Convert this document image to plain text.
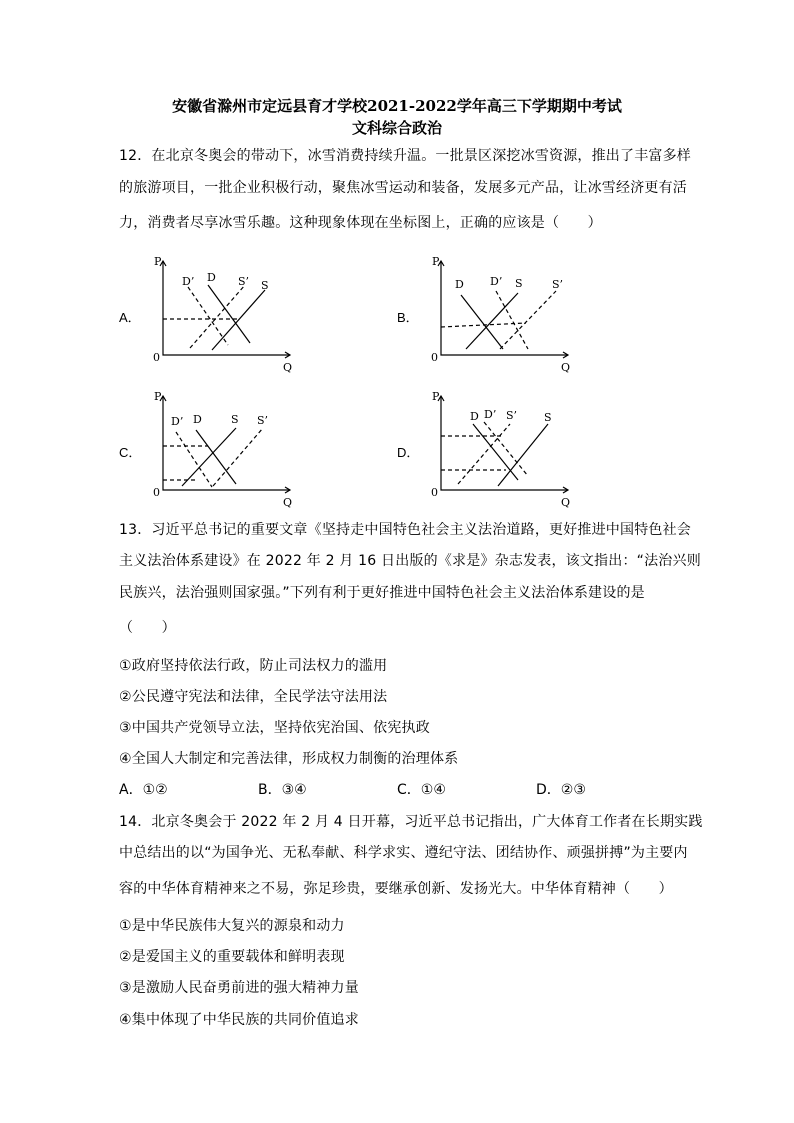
安徽省滁州市定远县育才学校2021-2022学年高三下学期期中考试
文科综合政治
12．在北京冬奥会的带动下，冰雪消费持续升温。一批景区深挖冰雪资源，推出了丰富多样
的旅游项目，一批企业积极行动，聚焦冰雪运动和装备，发展多元产品，让冰雪经济更有活
力，消费者尽享冰雪乐趣。这种现象体现在坐标图上，正确的应该是（　　）
A．
P
Q
0
D’ D S’ S
B．
P
Q
0
D D’ S	S’
C．
P
Q
0
D’ D	S S’
D．
P
Q
0
D D’ S’ S
13．习近平总书记的重要文章《坚持走中国特色社会主义法治道路，更好推进中国特色社会
主义法治体系建设》在 2022 年 2 月 16 日出版的《求是》杂志发表，该文指出：“法治兴则
民族兴，法治强则国家强。”下列有利于更好推进中国特色社会主义法治体系建设的是
（　　）
①政府坚持依法行政，防止司法权力的滥用
②公民遵守宪法和法律，全民学法守法用法
③中国共产党领导立法，坚持依宪治国、依宪执政
④全国人大制定和完善法律，形成权力制衡的治理体系
A．①②	B．③④	C．①④	D．②③
14．北京冬奥会于 2022 年 2 月 4 日开幕，习近平总书记指出，广大体育工作者在长期实践
中总结出的以“为国争光、无私奉献、科学求实、遵纪守法、团结协作、顽强拼搏”为主要内
容的中华体育精神来之不易，弥足珍贵，要继承创新、发扬光大。中华体育精神（　　）
①是中华民族伟大复兴的源泉和动力
②是爱国主义的重要载体和鲜明表现
③是激励人民奋勇前进的强大精神力量
④集中体现了中华民族的共同价值追求
